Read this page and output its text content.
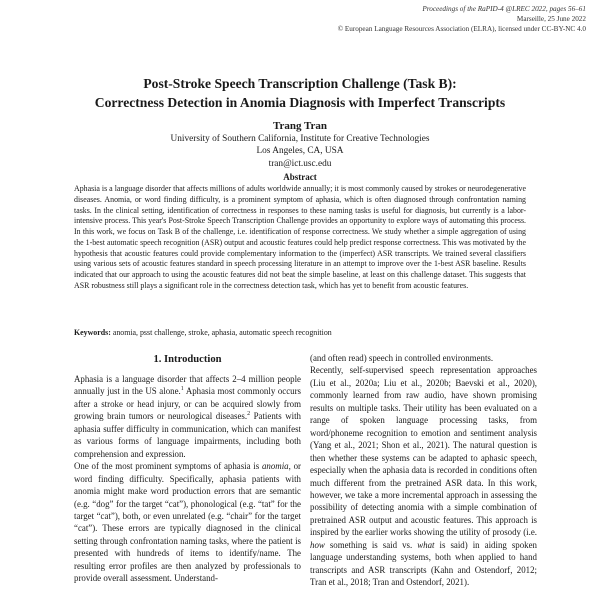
Proceedings of the RaPID-4 @LREC 2022, pages 56–61
Marseille, 25 June 2022
© European Language Resources Association (ELRA), licensed under CC-BY-NC 4.0
Post-Stroke Speech Transcription Challenge (Task B):
Correctness Detection in Anomia Diagnosis with Imperfect Transcripts
Trang Tran
University of Southern California, Institute for Creative Technologies
Los Angeles, CA, USA
tran@ict.usc.edu
Abstract

Aphasia is a language disorder that affects millions of adults worldwide annually; it is most commonly caused by strokes or neurodegenerative diseases. Anomia, or word finding difficulty, is a prominent symptom of aphasia, which is often diagnosed through confrontation naming tasks. In the clinical setting, identification of correctness in responses to these naming tasks is useful for diagnosis, but currently is a labor-intensive process. This year's Post-Stroke Speech Transcription Challenge provides an opportunity to explore ways of automating this process. In this work, we focus on Task B of the challenge, i.e. identification of response correctness. We study whether a simple aggregation of using the 1-best automatic speech recognition (ASR) output and acoustic features could help predict response correctness. This was motivated by the hypothesis that acoustic features could provide complementary information to the (imperfect) ASR transcripts. We trained several classifiers using various sets of acoustic features standard in speech processing literature in an attempt to improve over the 1-best ASR baseline. Results indicated that our approach to using the acoustic features did not beat the simple baseline, at least on this challenge dataset. This suggests that ASR robustness still plays a significant role in the correctness detection task, which has yet to benefit from acoustic features.

Keywords: anomia, psst challenge, stroke, aphasia, automatic speech recognition

1. Introduction

Aphasia is a language disorder that affects 2–4 million people annually just in the US alone.$^1$ Aphasia most commonly occurs after a stroke or head injury, or can be acquired slowly from growing brain tumors or neurological diseases.$^2$ Patients with aphasia suffer difficulty in communication, which can manifest as various forms of language impairments, including both comprehension and expression.

One of the most prominent symptoms of aphasia is anomia, or word finding difficulty. Specifically, aphasia patients with anomia might make word production errors that are semantic (e.g. “dog” for the target “cat”), phonological (e.g. “tat” for the target “cat”), both, or even unrelated (e.g. “chair” for the target “cat”). These errors are typically diagnosed in the clinical setting through confrontation naming tasks, where the patient is presented with hundreds of items to identify/name. The resulting error profiles are then analyzed by professionals to provide overall assessment. Understand-

(and often read) speech in controlled environments.

Recently, self-supervised speech representation approaches (Liu et al., 2020a; Liu et al., 2020b; Baevski et al., 2020), commonly learned from raw audio, have shown promising results on multiple tasks. Their utility has been evaluated on a range of spoken language processing tasks, from word/phoneme recognition to emotion and sentiment analysis (Yang et al., 2021; Shon et al., 2021). The natural question is then whether these systems can be adapted to aphasic speech, especially when the aphasia data is recorded in conditions often much different from the pretrained ASR data. In this work, however, we take a more incremental approach in assessing the possibility of detecting anomia with a simple combination of pretrained ASR output and acoustic features. This approach is inspired by the earlier works showing the utility of prosody (i.e. how something is said vs. what is said) in aiding spoken language understanding systems, both when applied to hand transcripts and ASR transcripts (Kahn and Ostendorf, 2012; Tran et al., 2018; Tran and Ostendorf, 2021).
